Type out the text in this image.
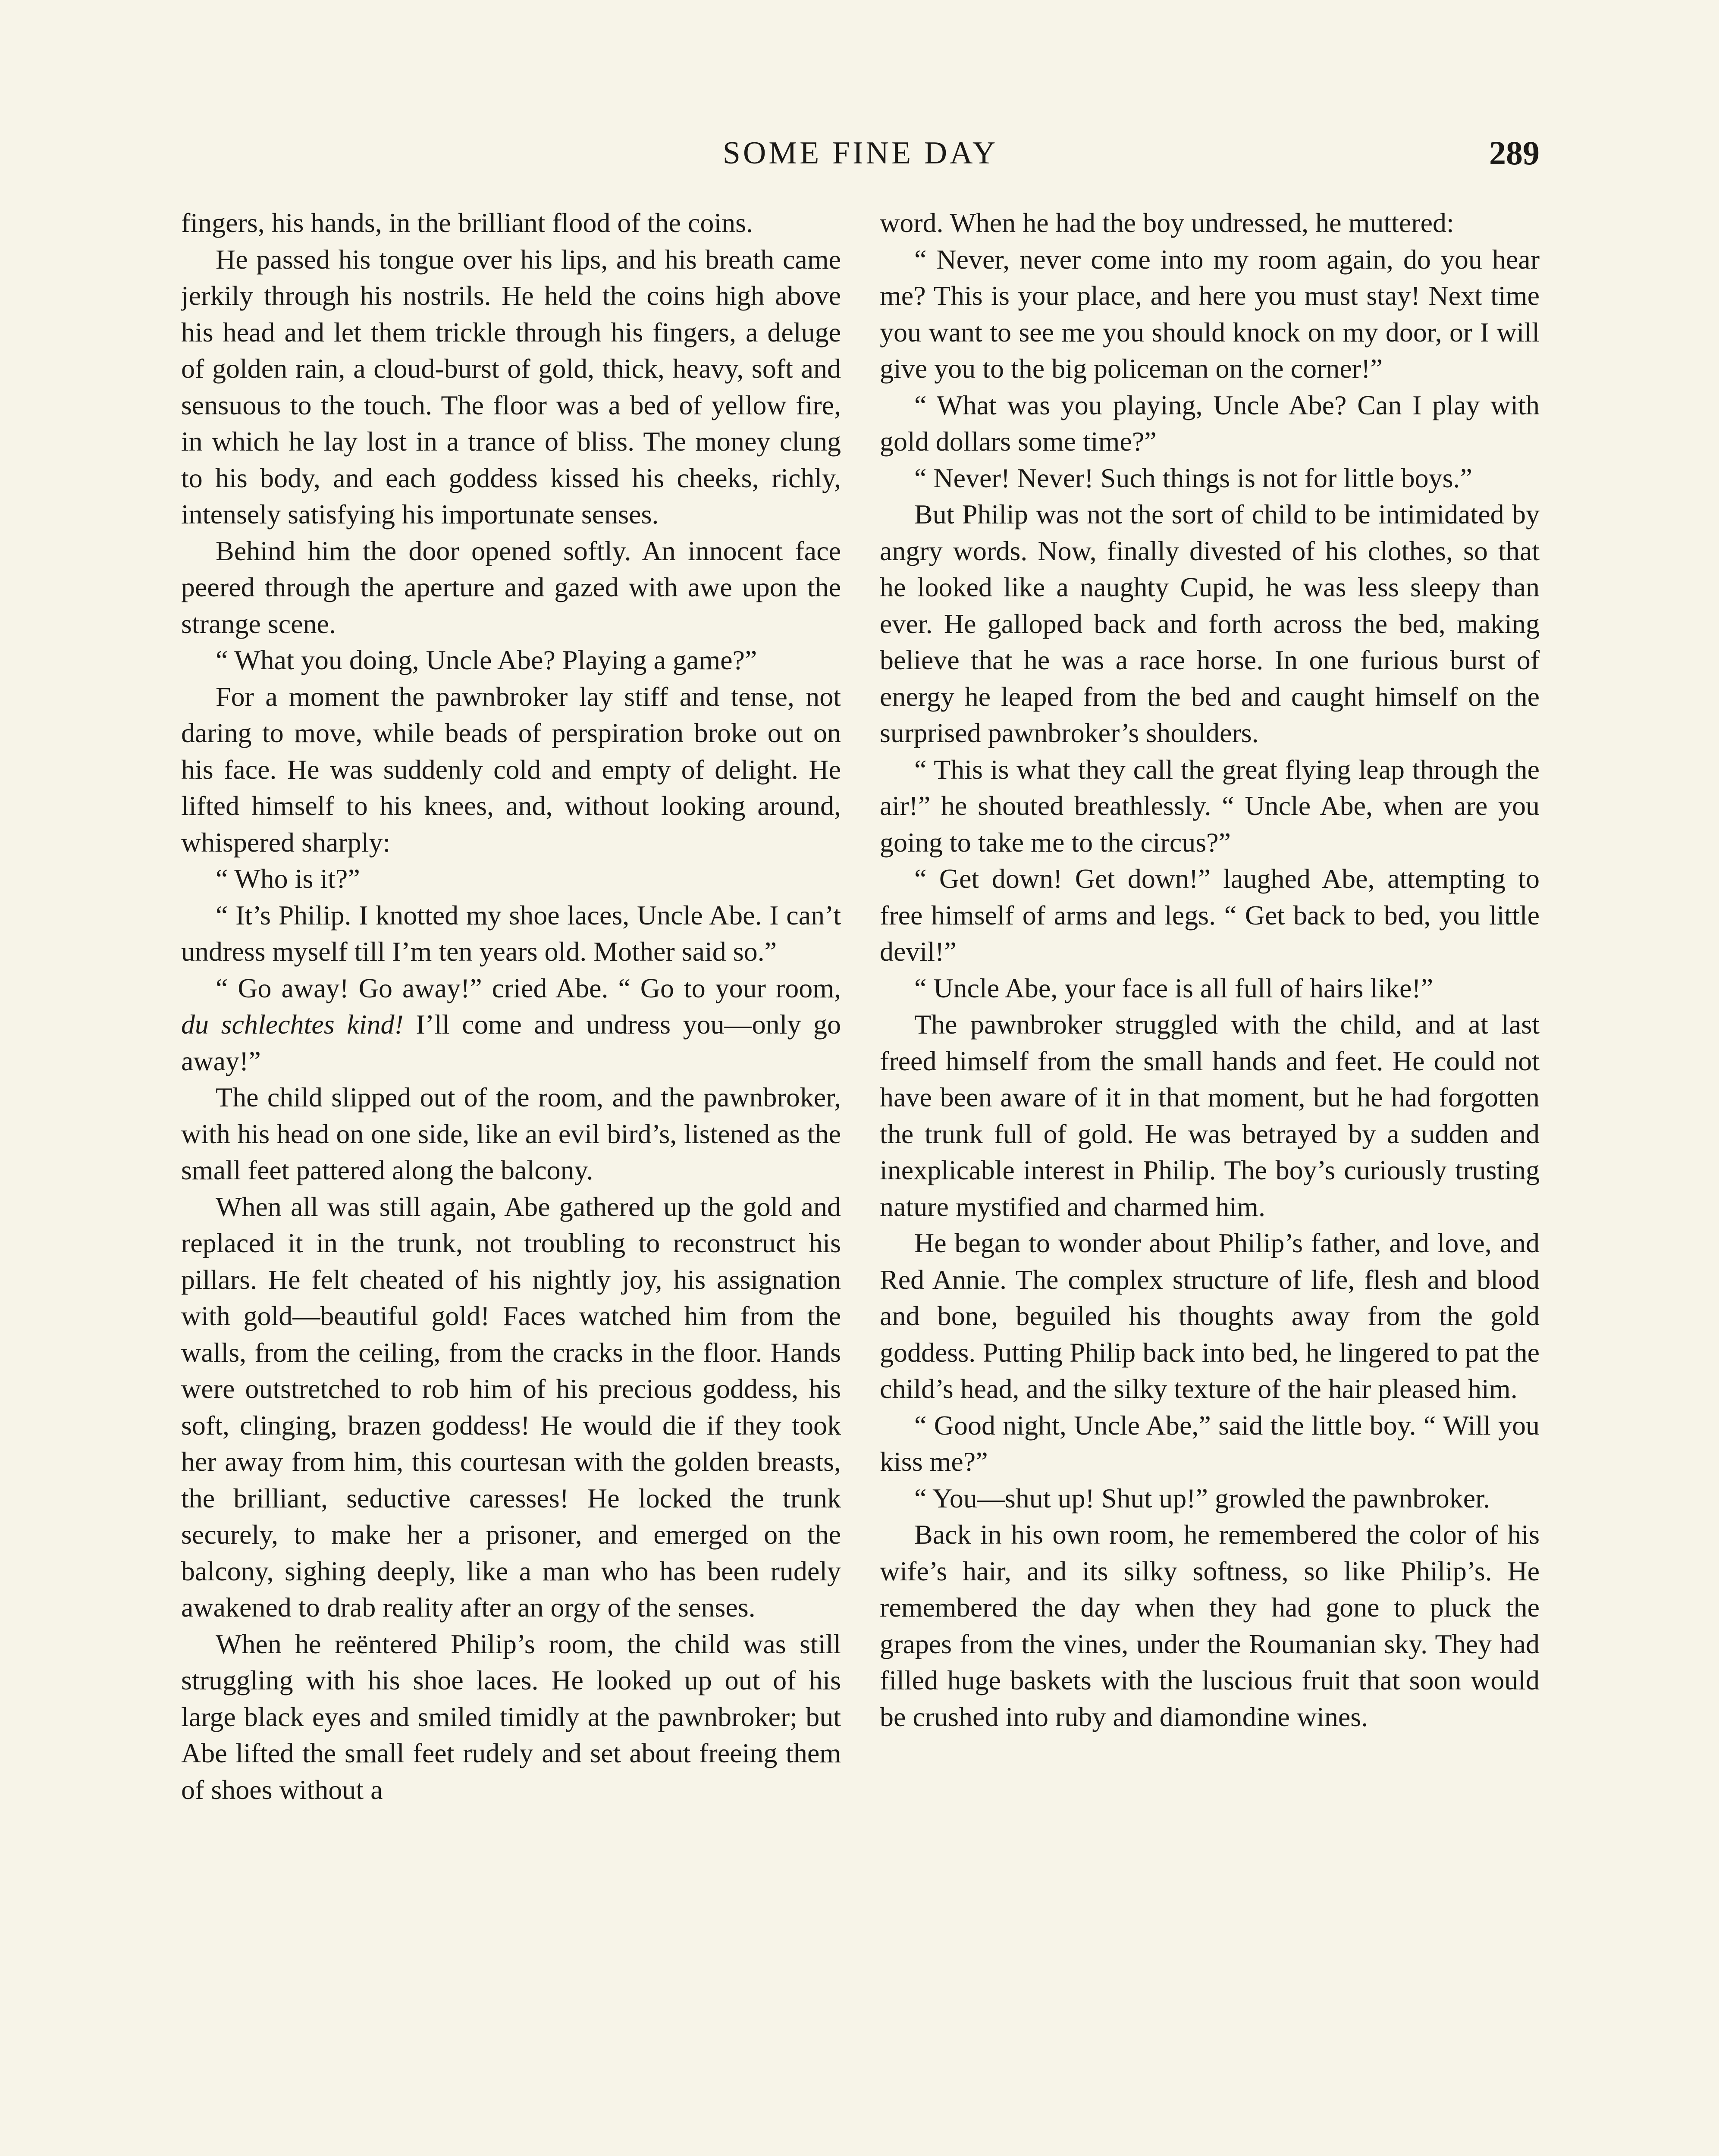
SOME FINE DAY	289

fingers, his hands, in the brilliant flood of the coins.

He passed his tongue over his lips, and his breath came jerkily through his nostrils. He held the coins high above his head and let them trickle through his fingers, a deluge of golden rain, a cloud-burst of gold, thick, heavy, soft and sensuous to the touch. The floor was a bed of yellow fire, in which he lay lost in a trance of bliss. The money clung to his body, and each goddess kissed his cheeks, richly, intensely satisfying his importunate senses.

Behind him the door opened softly. An innocent face peered through the aperture and gazed with awe upon the strange scene.

“ What you doing, Uncle Abe? Playing a game?”

For a moment the pawnbroker lay stiff and tense, not daring to move, while beads of perspiration broke out on his face. He was suddenly cold and empty of delight. He lifted himself to his knees, and, without looking around, whispered sharply:

“ Who is it?”

“ It’s Philip. I knotted my shoe laces, Uncle Abe. I can’t undress myself till I’m ten years old. Mother said so.”

“ Go away! Go away!” cried Abe. “ Go to your room, du schlechtes kind! I’ll come and undress you—only go away!”

The child slipped out of the room, and the pawnbroker, with his head on one side, like an evil bird’s, listened as the small feet pattered along the balcony.

When all was still again, Abe gathered up the gold and replaced it in the trunk, not troubling to reconstruct his pillars. He felt cheated of his nightly joy, his assignation with gold—beautiful gold! Faces watched him from the walls, from the ceiling, from the cracks in the floor. Hands were outstretched to rob him of his precious goddess, his soft, clinging, brazen goddess! He would die if they took her away from him, this courtesan with the golden breasts, the brilliant, seductive caresses! He locked the trunk securely, to make her a prisoner, and emerged on the balcony, sighing deeply, like a man who has been rudely awakened to drab reality after an orgy of the senses.

When he reëntered Philip’s room, the child was still struggling with his shoe laces. He looked up out of his large black eyes and smiled timidly at the pawnbroker; but Abe lifted the small feet rudely and set about freeing them of shoes without a

word. When he had the boy undressed, he muttered:

“ Never, never come into my room again, do you hear me? This is your place, and here you must stay! Next time you want to see me you should knock on my door, or I will give you to the big policeman on the corner!”

“ What was you playing, Uncle Abe? Can I play with gold dollars some time?”

“ Never! Never! Such things is not for little boys.”

But Philip was not the sort of child to be intimidated by angry words. Now, finally divested of his clothes, so that he looked like a naughty Cupid, he was less sleepy than ever. He galloped back and forth across the bed, making believe that he was a race horse. In one furious burst of energy he leaped from the bed and caught himself on the surprised pawnbroker’s shoulders.

“ This is what they call the great flying leap through the air!” he shouted breathlessly. “ Uncle Abe, when are you going to take me to the circus?”

“ Get down! Get down!” laughed Abe, attempting to free himself of arms and legs. “ Get back to bed, you little devil!”

“ Uncle Abe, your face is all full of hairs like!”

The pawnbroker struggled with the child, and at last freed himself from the small hands and feet. He could not have been aware of it in that moment, but he had forgotten the trunk full of gold. He was betrayed by a sudden and inexplicable interest in Philip. The boy’s curiously trusting nature mystified and charmed him.

He began to wonder about Philip’s father, and love, and Red Annie. The complex structure of life, flesh and blood and bone, beguiled his thoughts away from the gold goddess. Putting Philip back into bed, he lingered to pat the child’s head, and the silky texture of the hair pleased him.

“ Good night, Uncle Abe,” said the little boy. “ Will you kiss me?”

“ You—shut up! Shut up!” growled the pawnbroker.

Back in his own room, he remembered the color of his wife’s hair, and its silky softness, so like Philip’s. He remembered the day when they had gone to pluck the grapes from the vines, under the Roumanian sky. They had filled huge baskets with the luscious fruit that soon would be crushed into ruby and diamondine wines.
